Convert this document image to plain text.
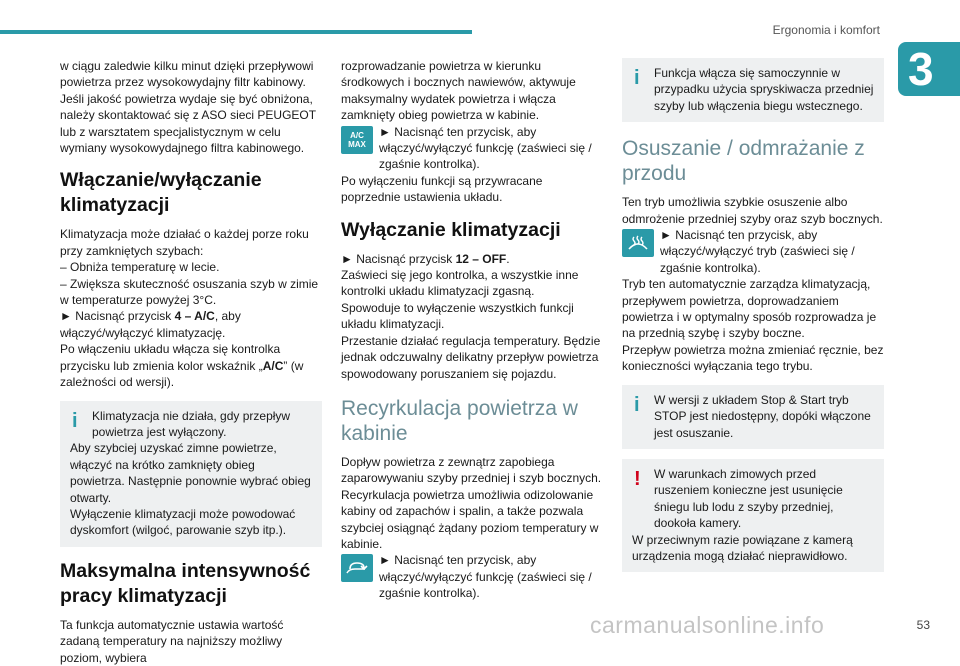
Ergonomia i komfort
3

w ciągu zaledwie kilku minut dzięki przepływowi powietrza przez wysokowydajny filtr kabinowy.

Jeśli jakość powietrza wydaje się być obniżona, należy skontaktować się z ASO sieci PEUGEOT lub z warsztatem specjalistycznym w celu wymiany wysokowydajnego filtra kabinowego.

Włączanie/wyłączanie klimatyzacji

Klimatyzacja może działać o każdej porze roku przy zamkniętych szybach:

– Obniża temperaturę w lecie.

– Zwiększa skuteczność osuszania szyb w zimie w temperaturze powyżej 3°C.

► Nacisnąć przycisk 4 – A/C, aby włączyć/wyłączyć klimatyzację.

Po włączeniu układu włącza się kontrolka przycisku lub zmienia kolor wskaźnik „A/C” (w zależności od wersji).

i	Klimatyzacja nie działa, gdy przepływ powietrza jest wyłączony.

Aby szybciej uzyskać zimne powietrze, włączyć na krótko zamknięty obieg powietrza. Następnie ponownie wybrać obieg otwarty.

Wyłączenie klimatyzacji może powodować dyskomfort (wilgoć, parowanie szyb itp.).

Maksymalna intensywność pracy klimatyzacji

Ta funkcja automatycznie ustawia wartość zadaną temperatury na najniższy możliwy poziom, wybiera

rozprowadzanie powietrza w kierunku środkowych i bocznych nawiewów, aktywuje maksymalny wydatek powietrza i włącza zamknięty obieg powietrza w kabinie.

A/C
MAX

► Nacisnąć ten przycisk, aby włączyć/wyłączyć funkcję (zaświeci się / zgaśnie kontrolka).

Po wyłączeniu funkcji są przywracane poprzednie ustawienia układu.

Wyłączanie klimatyzacji

► Nacisnąć przycisk 12 – OFF.

Zaświeci się jego kontrolka, a wszystkie inne kontrolki układu klimatyzacji zgasną.

Spowoduje to wyłączenie wszystkich funkcji układu klimatyzacji.

Przestanie działać regulacja temperatury. Będzie jednak odczuwalny delikatny przepływ powietrza spowodowany poruszaniem się pojazdu.

Recyrkulacja powietrza w kabinie

Dopływ powietrza z zewnątrz zapobiega zaparowywaniu szyby przedniej i szyb bocznych.

Recyrkulacja powietrza umożliwia odizolowanie kabiny od zapachów i spalin, a także pozwala szybciej osiągnąć żądany poziom temperatury w kabinie.

► Nacisnąć ten przycisk, aby włączyć/wyłączyć funkcję (zaświeci się / zgaśnie kontrolka).

i	Funkcja włącza się samoczynnie w przypadku użycia spryskiwacza przedniej szyby lub włączenia biegu wstecznego.

Osuszanie / odmrażanie z przodu

Ten tryb umożliwia szybkie osuszenie albo odmrożenie przedniej szyby oraz szyb bocznych.

► Nacisnąć ten przycisk, aby włączyć/wyłączyć tryb (zaświeci się / zgaśnie kontrolka).

Tryb ten automatycznie zarządza klimatyzacją, przepływem powietrza, doprowadzaniem powietrza i w optymalny sposób rozprowadza je na przednią szybę i szyby boczne.

Przepływ powietrza można zmieniać ręcznie, bez konieczności wyłączania tego trybu.

i	W wersji z układem Stop & Start tryb STOP jest niedostępny, dopóki włączone jest osuszanie.

!	W warunkach zimowych przed ruszeniem konieczne jest usunięcie śniegu lub lodu z szyby przedniej, dookoła kamery.

W przeciwnym razie powiązane z kamerą urządzenia mogą działać nieprawidłowo.

carmanualsonline.info	53
